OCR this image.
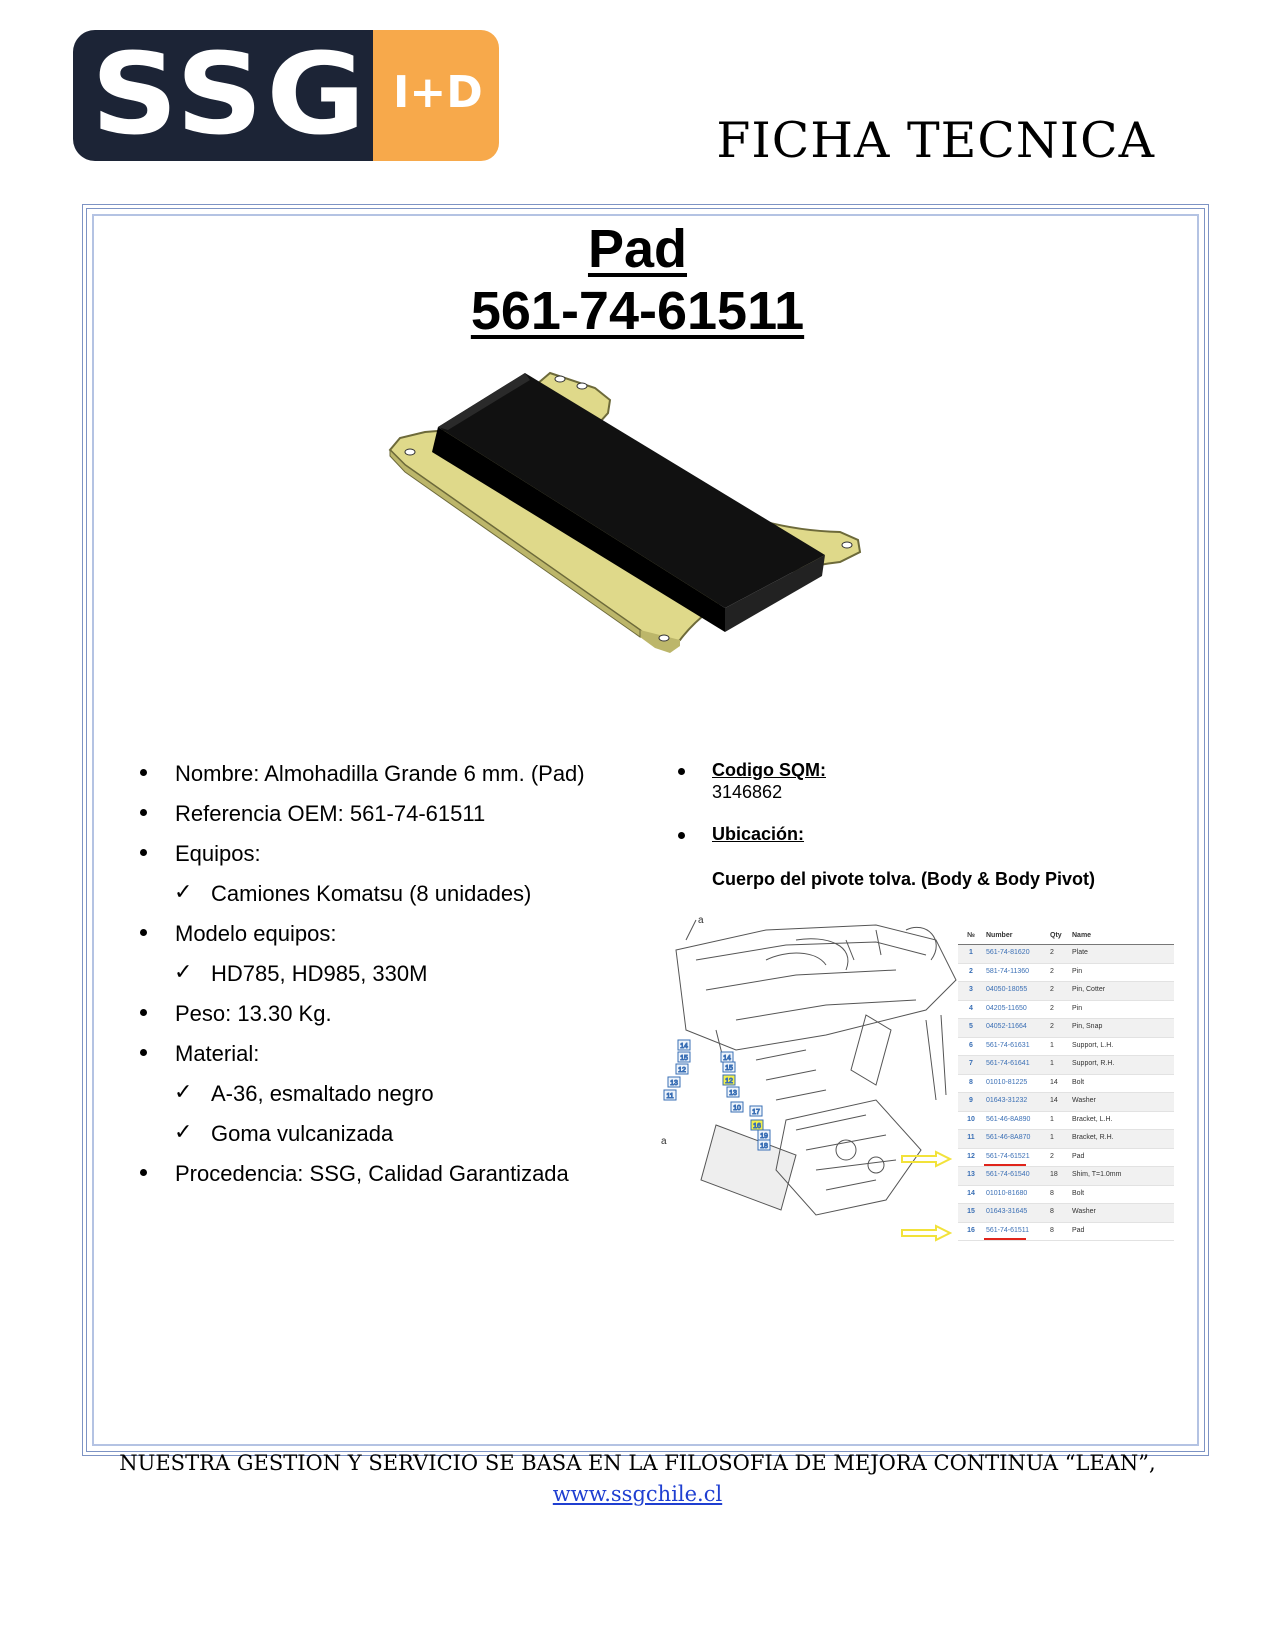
SSG I+D
FICHA TECNICA
Pad
561-74-61511
Nombre: Almohadilla Grande 6 mm. (Pad)
Referencia OEM: 561-74-61511
Equipos:
✓ Camiones Komatsu (8 unidades)
Modelo equipos:
✓ HD785, HD985, 330M
Peso: 13.30 Kg.
Material:
✓ A-36, esmaltado negro
✓ Goma vulcanizada
Procedencia: SSG, Calidad Garantizada
Codigo SQM:
3146862
Ubicación:
Cuerpo del pivote tolva. (Body & Body Pivot)
14
15
12
13
11
14
15
12
13
10
17
16
19
18
a
a
№	Number	Qty Name
1	561-74-81620	2	Plate
2	581-74-11360	2	Pin
3	04050-18055	2	Pin, Cotter
4	04205-11650	2	Pin
5	04052-11664	2	Pin, Snap
6	561-74-61631	1	Support, L.H.
7	561-74-61641	1	Support, R.H.
8	01010-81225	14 Bolt
9	01643-31232	14 Washer
10	561-46-8A890	1	Bracket, L.H.
11	561-46-8A870	1	Bracket, R.H.
12	561-74-61521	2	Pad
13	561-74-61540	18 Shim, T=1.0mm
14	01010-81680	8	Bolt
15	01643-31645	8	Washer
16	561-74-61511	8	Pad
NUESTRA GESTION Y SERVICIO SE BASA EN LA FILOSOFIA DE MEJORA CONTINUA “LEAN”,
www.ssgchile.cl
